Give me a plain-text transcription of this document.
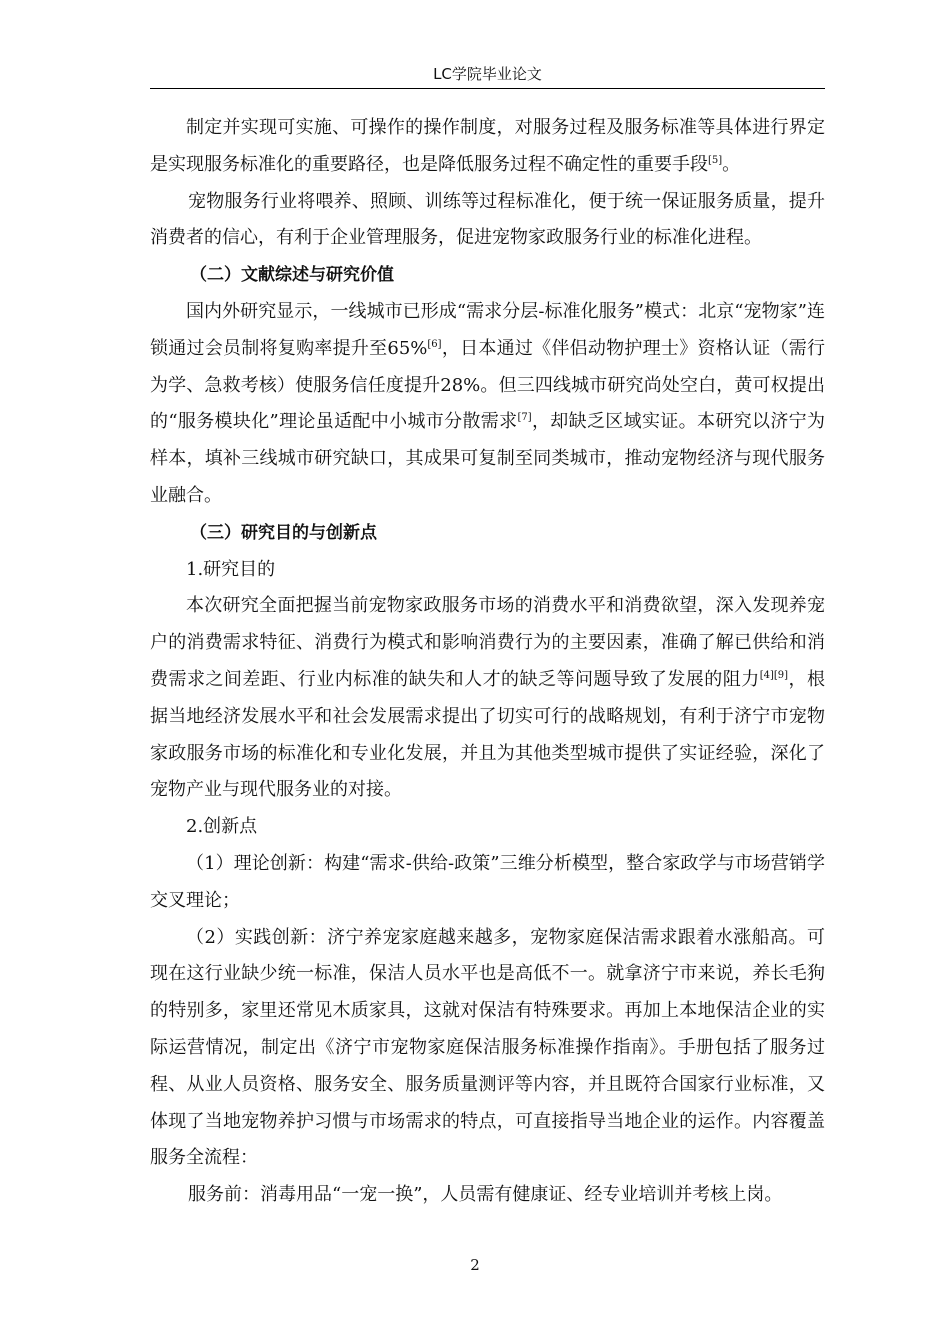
LC学院毕业论文

制定并实现可实施、可操作的操作制度，对服务过程及服务标准等具体进行界定是实现服务标准化的重要路径，也是降低服务过程不确定性的重要手段[5]。

宠物服务行业将喂养、照顾、训练等过程标准化，便于统一保证服务质量，提升消费者的信心，有利于企业管理服务，促进宠物家政服务行业的标准化进程。

（二）文献综述与研究价值

国内外研究显示，一线城市已形成“需求分层-标准化服务”模式：北京“宠物家”连锁通过会员制将复购率提升至65%[6]，日本通过《伴侣动物护理士》资格认证（需行为学、急救考核）使服务信任度提升28%。但三四线城市研究尚处空白，黄可权提出的“服务模块化”理论虽适配中小城市分散需求[7]，却缺乏区域实证。本研究以济宁为样本，填补三线城市研究缺口，其成果可复制至同类城市，推动宠物经济与现代服务业融合。

（三）研究目的与创新点

1.研究目的

本次研究全面把握当前宠物家政服务市场的消费水平和消费欲望，深入发现养宠户的消费需求特征、消费行为模式和影响消费行为的主要因素，准确了解已供给和消费需求之间差距、行业内标准的缺失和人才的缺乏等问题导致了发展的阻力[4][9]，根据当地经济发展水平和社会发展需求提出了切实可行的战略规划，有利于济宁市宠物家政服务市场的标准化和专业化发展，并且为其他类型城市提供了实证经验，深化了宠物产业与现代服务业的对接。

2.创新点

（1）理论创新：构建“需求-供给-政策”三维分析模型，整合家政学与市场营销学交叉理论；

（2）实践创新：济宁养宠家庭越来越多，宠物家庭保洁需求跟着水涨船高。可现在这行业缺少统一标准，保洁人员水平也是高低不一。就拿济宁市来说，养长毛狗的特别多，家里还常见木质家具，这就对保洁有特殊要求。再加上本地保洁企业的实际运营情况，制定出《济宁市宠物家庭保洁服务标准操作指南》。手册包括了服务过程、从业人员资格、服务安全、服务质量测评等内容，并且既符合国家行业标准，又体现了当地宠物养护习惯与市场需求的特点，可直接指导当地企业的运作。内容覆盖服务全流程：

服务前：消毒用品“一宠一换”，人员需有健康证、经专业培训并考核上岗。

2
